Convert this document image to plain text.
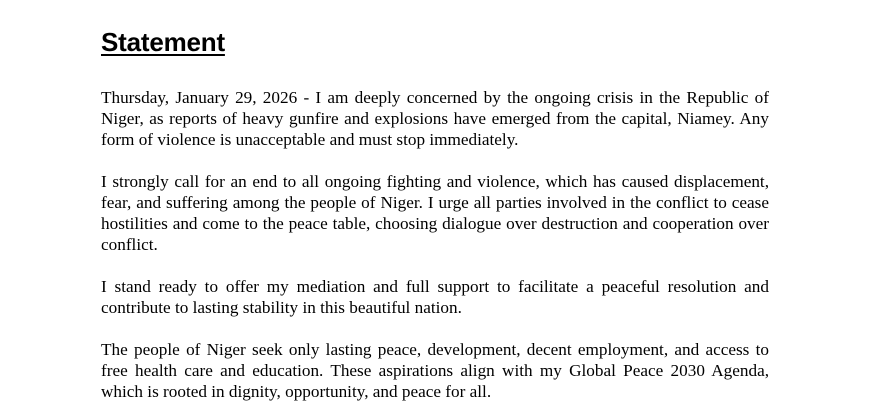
Statement

Thursday, January 29, 2026 - I am deeply concerned by the ongoing crisis in the Republic of Niger, as reports of heavy gunfire and explosions have emerged from the capital, Niamey. Any form of violence is unacceptable and must stop immediately.

I strongly call for an end to all ongoing fighting and violence, which has caused displacement, fear, and suffering among the people of Niger. I urge all parties involved in the conflict to cease hostilities and come to the peace table, choosing dialogue over destruction and cooperation over conflict.

I stand ready to offer my mediation and full support to facilitate a peaceful resolution and contribute to lasting stability in this beautiful nation.

The people of Niger seek only lasting peace, development, decent employment, and access to free health care and education. These aspirations align with my Global Peace 2030 Agenda, which is rooted in dignity, opportunity, and peace for all.
